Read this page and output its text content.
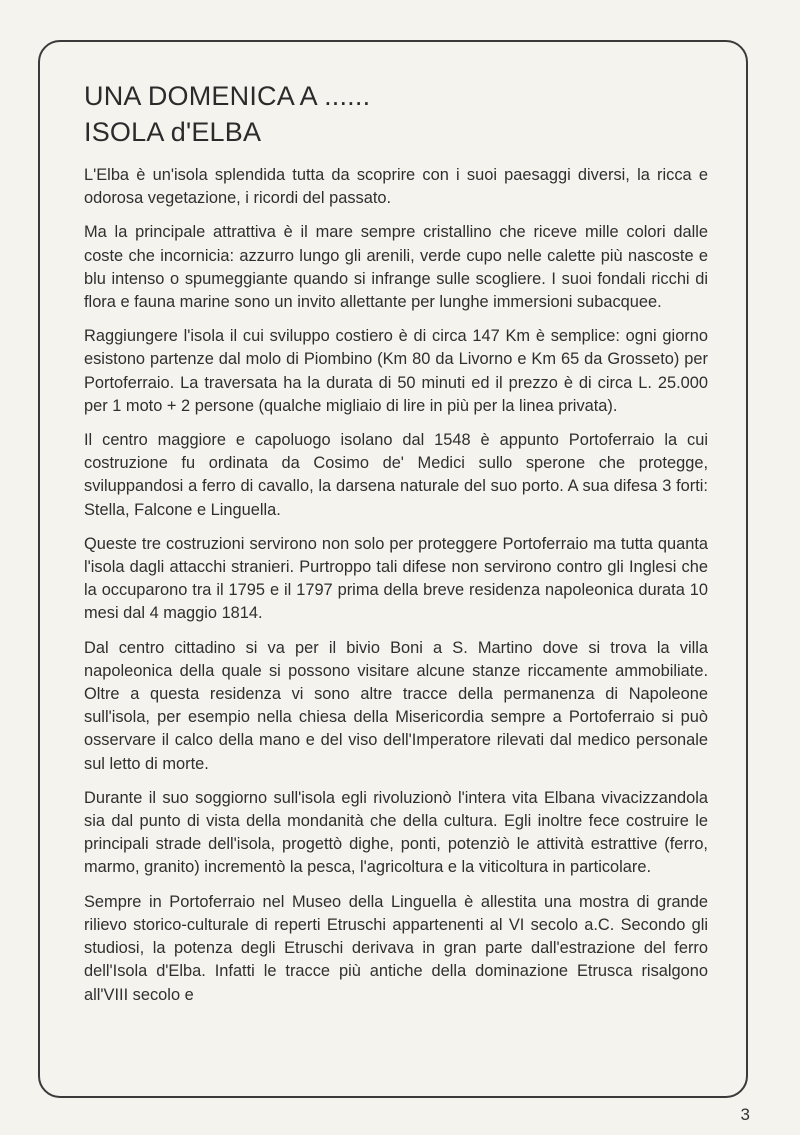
UNA DOMENICA A ......
ISOLA d'ELBA

L'Elba è un'isola splendida tutta da scoprire con i suoi paesaggi diversi, la ricca e odorosa vegetazione, i ricordi del passato.

Ma la principale attrattiva è il mare sempre cristallino che riceve mille colori dalle coste che incornicia: azzurro lungo gli arenili, verde cupo nelle calette più nascoste e blu intenso o spumeggiante quando si infrange sulle scogliere. I suoi fondali ricchi di flora e fauna marine sono un invito allettante per lunghe immersioni subacquee.

Raggiungere l'isola il cui sviluppo costiero è di circa 147 Km è semplice: ogni giorno esistono partenze dal molo di Piombino (Km 80 da Livorno e Km 65 da Grosseto) per Portoferraio. La traversata ha la durata di 50 minuti ed il prezzo è di circa L. 25.000 per 1 moto + 2 persone (qualche migliaio di lire in più per la linea privata).

Il centro maggiore e capoluogo isolano dal 1548 è appunto Portoferraio la cui costruzione fu ordinata da Cosimo de' Medici sullo sperone che protegge, sviluppandosi a ferro di cavallo, la darsena naturale del suo porto. A sua difesa 3 forti: Stella, Falcone e Linguella.

Queste tre costruzioni servirono non solo per proteggere Portoferraio ma tutta quanta l'isola dagli attacchi stranieri. Purtroppo tali difese non servirono contro gli Inglesi che la occuparono tra il 1795 e il 1797 prima della breve residenza napoleonica durata 10 mesi dal 4 maggio 1814.

Dal centro cittadino si va per il bivio Boni a S. Martino dove si trova la villa napoleonica della quale si possono visitare alcune stanze riccamente ammobiliate. Oltre a questa residenza vi sono altre tracce della permanenza di Napoleone sull'isola, per esempio nella chiesa della Misericordia sempre a Portoferraio si può osservare il calco della mano e del viso dell'Imperatore rilevati dal medico personale sul letto di morte.

Durante il suo soggiorno sull'isola egli rivoluzionò l'intera vita Elbana vivacizzandola sia dal punto di vista della mondanità che della cultura. Egli inoltre fece costruire le principali strade dell'isola, progettò dighe, ponti, potenziò le attività estrattive (ferro, marmo, granito) incrementò la pesca, l'agricoltura e la viticoltura in particolare.

Sempre in Portoferraio nel Museo della Linguella è allestita una mostra di grande rilievo storico-culturale di reperti Etruschi appartenenti al VI secolo a.C. Secondo gli studiosi, la potenza degli Etruschi derivava in gran parte dall'estrazione del ferro dell'Isola d'Elba. Infatti le tracce più antiche della dominazione Etrusca risalgono all'VIII secolo e

3
